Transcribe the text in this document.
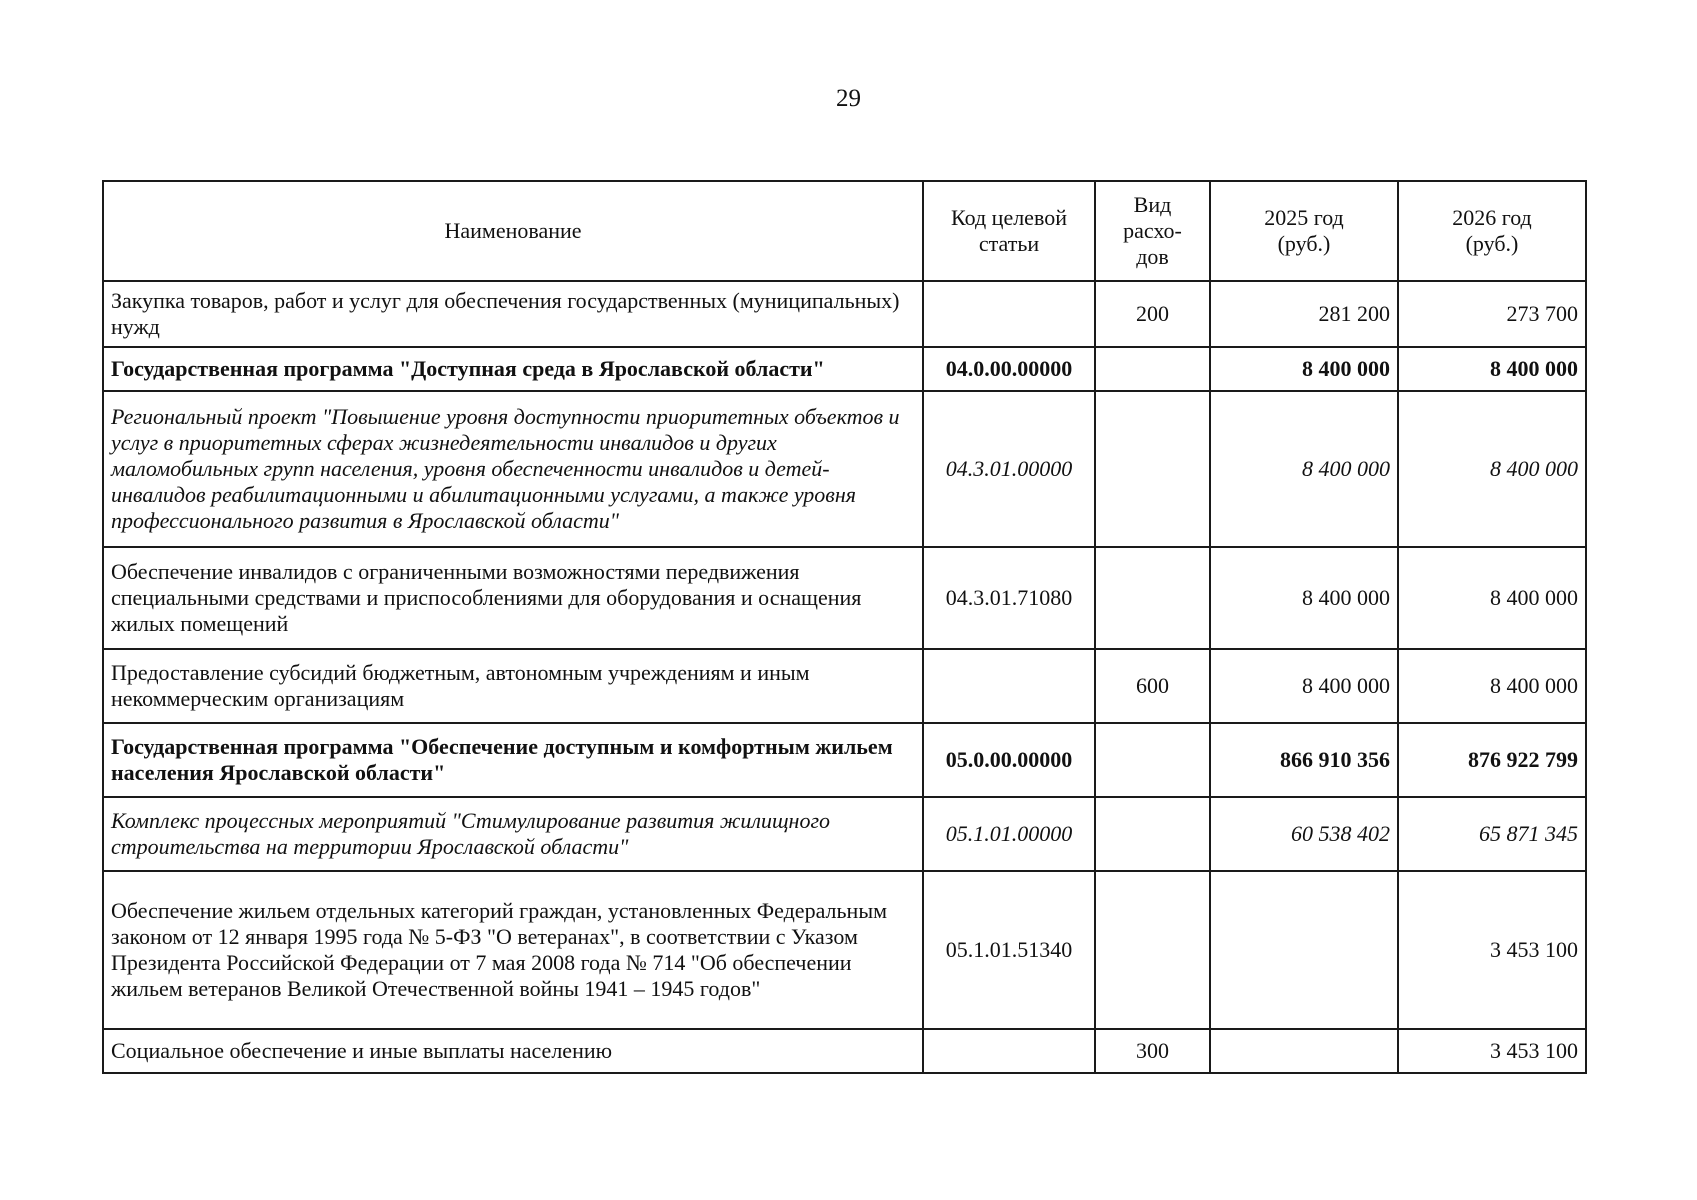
29
Наименование	Код целевой статьи	Вид расхо-дов	2025 год (руб.)	2026 год (руб.)

Закупка товаров, работ и услуг для обеспечения государственных (муниципальных) нужд		200	281 200	273 700
Государственная программа "Доступная среда в Ярославской области"	04.0.00.00000		8 400 000	8 400 000
Региональный проект "Повышение уровня доступности приоритетных объектов и услуг в приоритетных сферах жизнедеятельности инвалидов и других маломобильных групп населения, уровня обеспеченности инвалидов и детей-инвалидов реабилитационными и абилитационными услугами, а также уровня профессионального развития в Ярославской области"	04.3.01.00000		8 400 000	8 400 000
Обеспечение инвалидов с ограниченными возможностями передвижения специальными средствами и приспособлениями для оборудования и оснащения жилых помещений	04.3.01.71080		8 400 000	8 400 000
Предоставление субсидий бюджетным, автономным учреждениям и иным некоммерческим организациям		600	8 400 000	8 400 000
Государственная программа "Обеспечение доступным и комфортным жильем населения Ярославской области"	05.0.00.00000		866 910 356	876 922 799
Комплекс процессных мероприятий "Стимулирование развития жилищного строительства на территории Ярославской области"	05.1.01.00000		60 538 402	65 871 345
Обеспечение жильем отдельных категорий граждан, установленных Федеральным законом от 12 января 1995 года № 5-ФЗ "О ветеранах", в соответствии с Указом Президента Российской Федерации от 7 мая 2008 года № 714 "Об обеспечении жильем ветеранов Великой Отечественной войны 1941 – 1945 годов"	05.1.01.51340			3 453 100
Социальное обеспечение и иные выплаты населению		300		3 453 100
